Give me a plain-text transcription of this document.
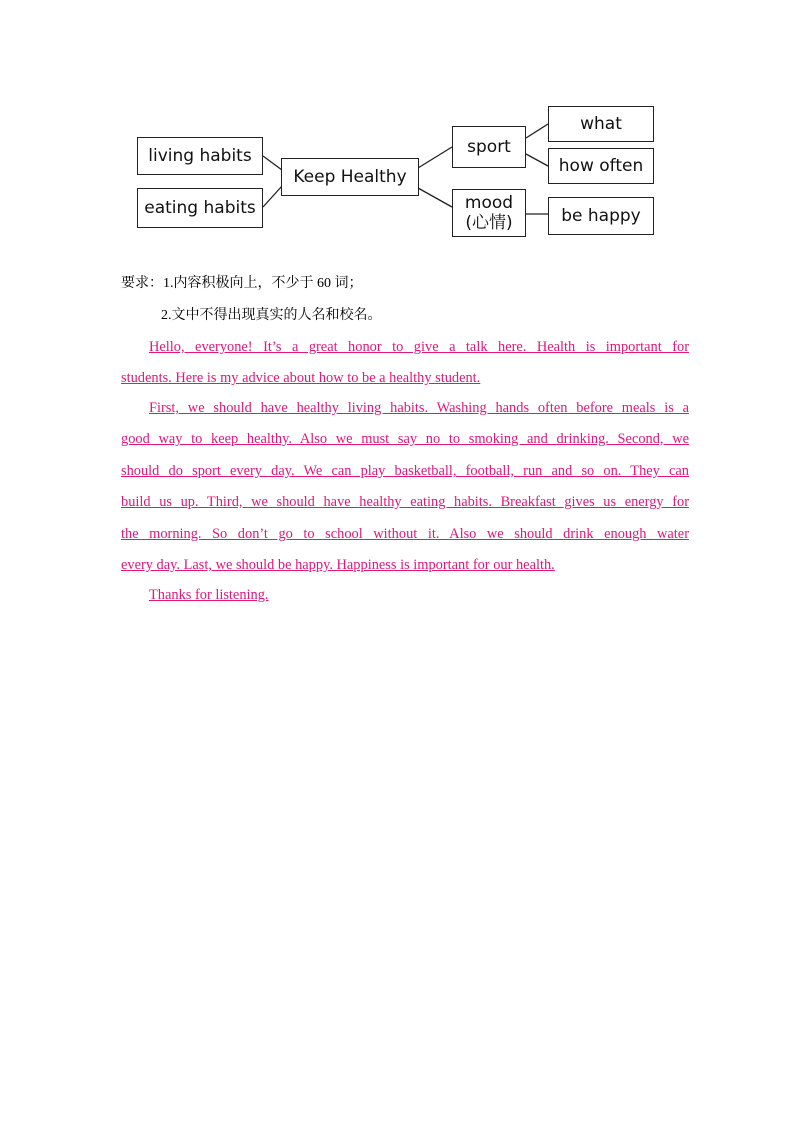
living habits
eating habits
Keep Healthy
sport
mood
(心情)
what
how often
be happy
要求：1.内容积极向上，不少于 60 词；
2.文中不得出现真实的人名和校名。
Hello, everyone! It’s a great honor to give a talk here. Health is important for
students. Here is my advice about how to be a healthy student.
First, we should have healthy living habits. Washing hands often before meals is a
good way to keep healthy. Also we must say no to smoking and drinking. Second, we
should do sport every day. We can play basketball, football, run and so on. They can
build us up. Third, we should have healthy eating habits. Breakfast gives us energy for
the morning. So don’t go to school without it. Also we should drink enough water
every day. Last, we should be happy. Happiness is important for our health.
Thanks for listening.
